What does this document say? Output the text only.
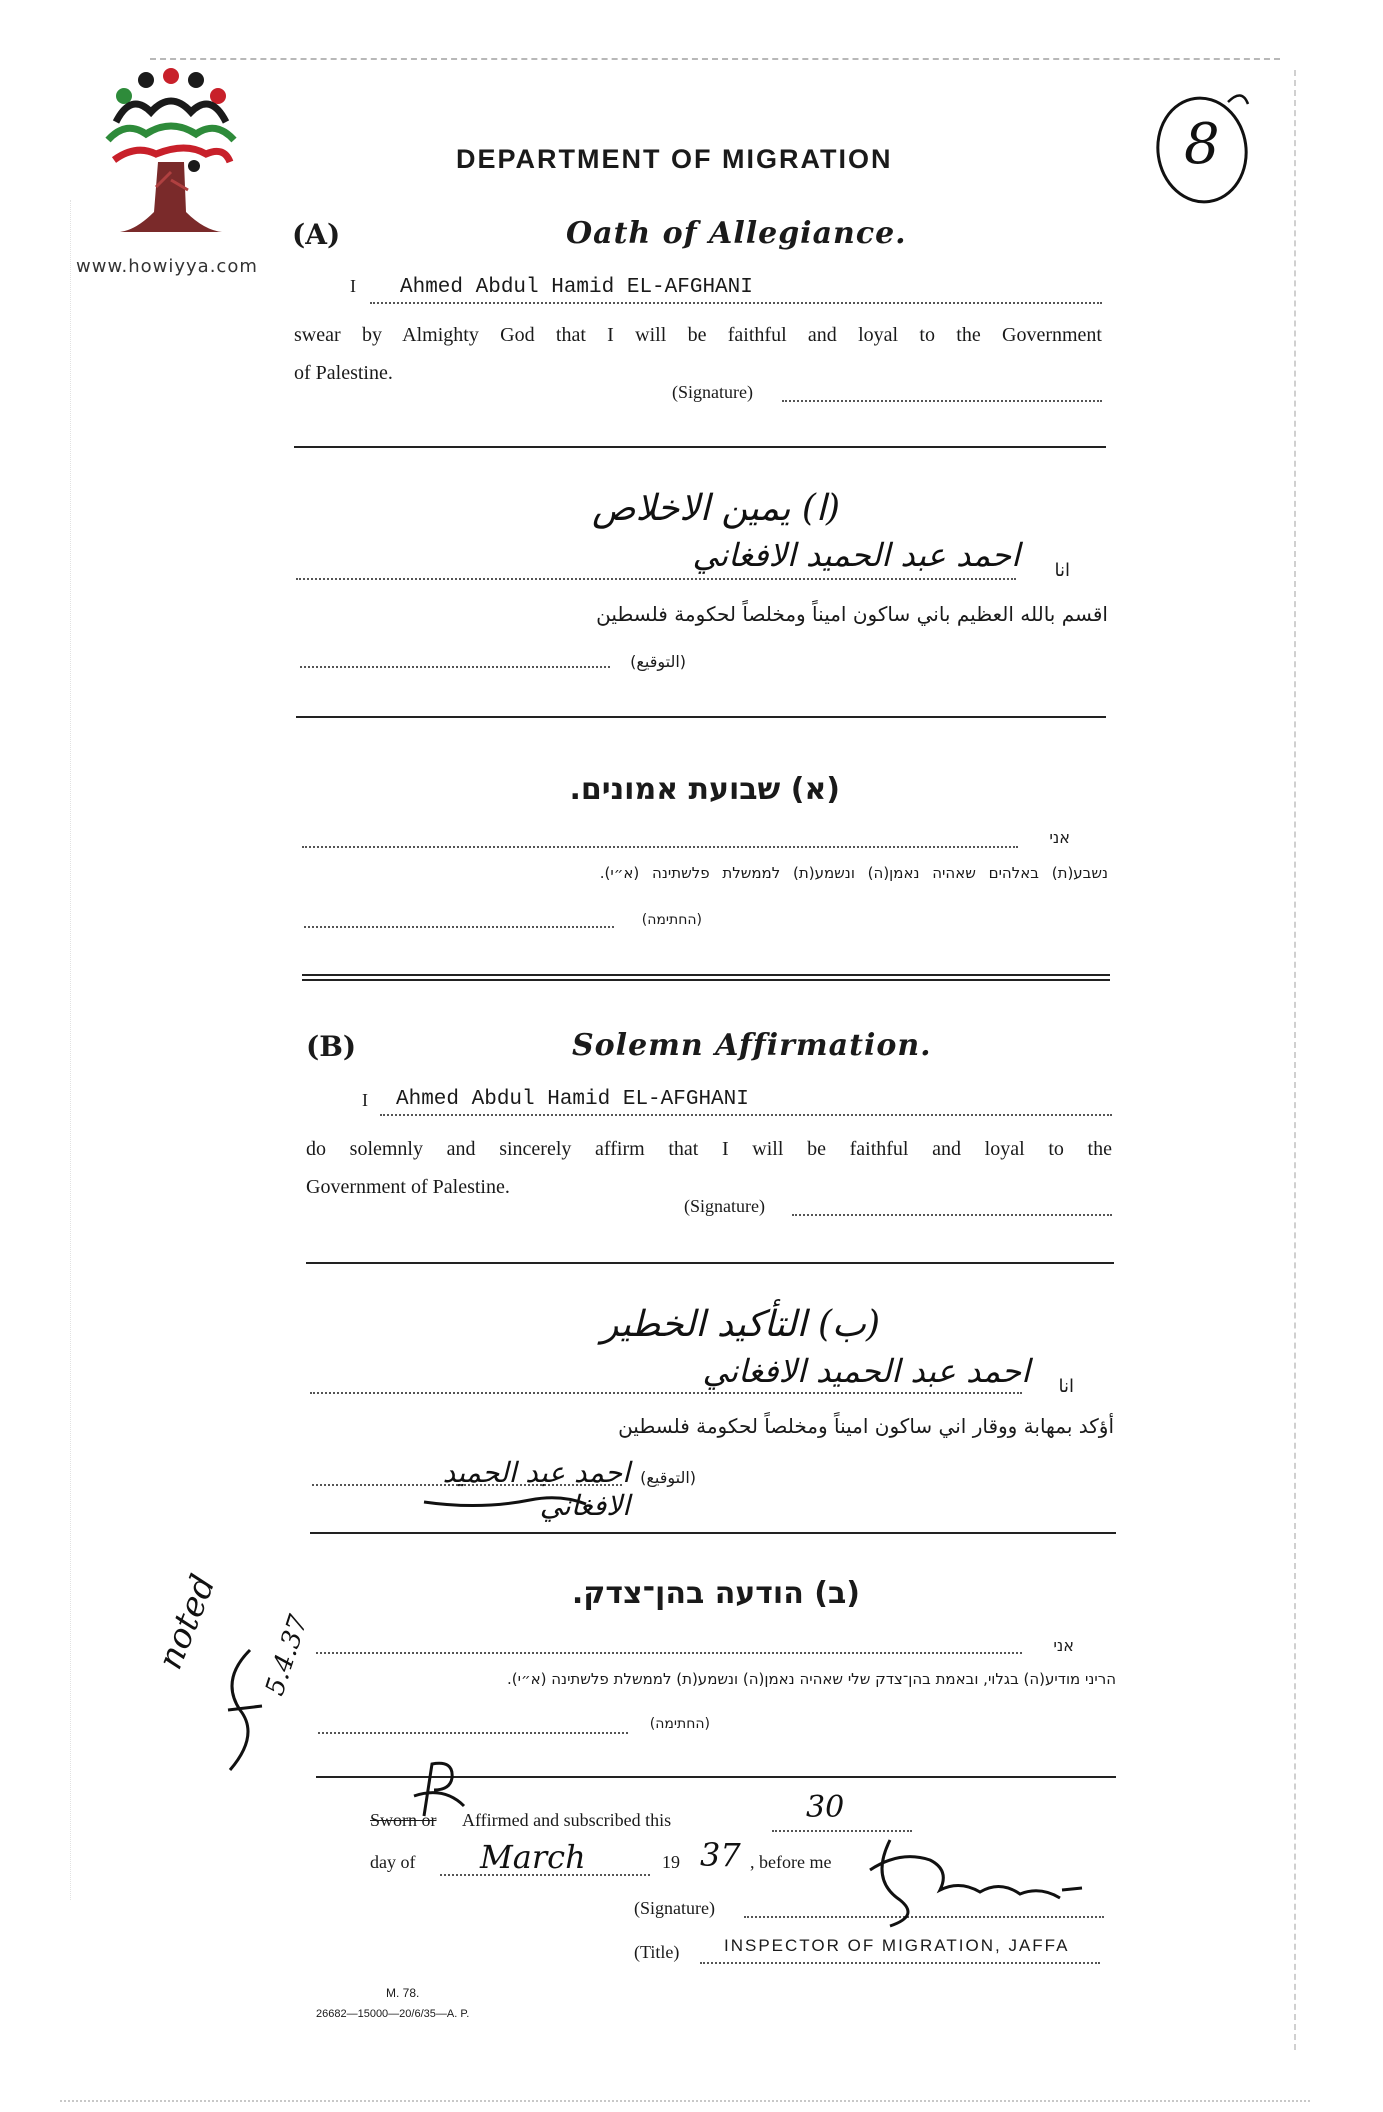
www.howiyya.com
8
DEPARTMENT OF MIGRATION
(A)	Oath of Allegiance.
I Ahmed Abdul Hamid EL-AFGHANI
swear by Almighty God that I will be faithful and loyal to the Government
of Palestine.
(Signature)
(ا) يمين الاخلاص
انا
احمد عبد الحميد الافغاني
اقسم بالله العظيم باني ساكون اميناً ومخلصاً لحكومة فلسطين
(التوقيع)
(א) שבועת אמונים.
אני
נשבע(ת) באלהים שאהיה נאמן(ה) ונשמע(ת) לממשלת פלשתינה (א״י).
(החתימה)
(B)	Solemn Affirmation.
I Ahmed Abdul Hamid EL-AFGHANI
do solemnly and sincerely affirm that I will be faithful and loyal to the
Government of Palestine.
(Signature)
(ب) التأكيد الخطير
انا
احمد عبد الحميد الافغاني
أؤكد بمهابة ووقار اني ساكون اميناً ومخلصاً لحكومة فلسطين
(التوقيع)
احمد عبد الحميد الافغاني
(ב) הודעה בהן־צדק.
אני
הריני מודיע(ה) בגלוי, ובאמת בהן־צדק שלי שאהיה נאמן(ה) ונשמע(ת) לממשלת פלשתינה (א״י).
(החתימה)
noted 5.4.37
Sworn or Affirmed and subscribed this	30
day of March	19 37 , before me
(Signature)
(Title)	INSPECTOR OF MIGRATION, JAFFA
M. 78.
26682—15000—20/6/35—A. P.
